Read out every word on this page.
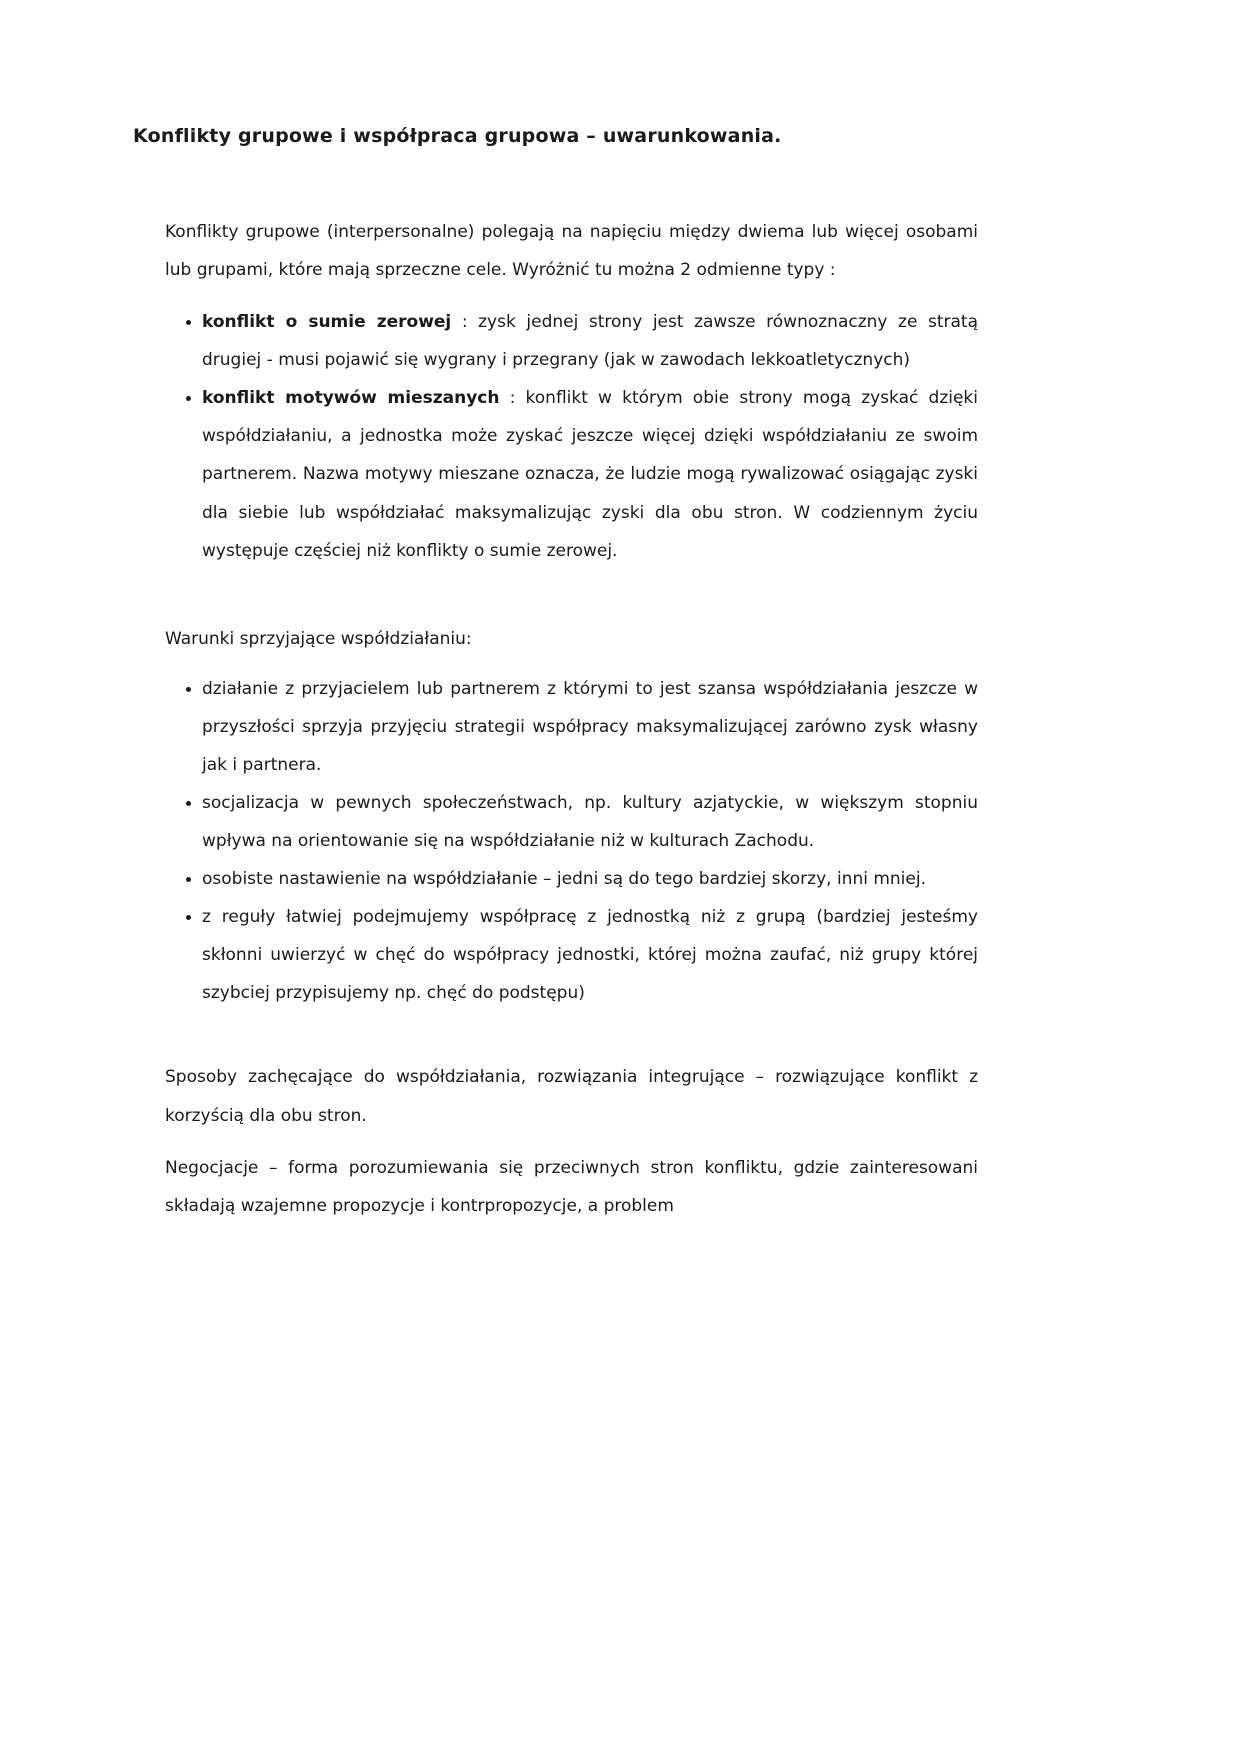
Konflikty grupowe i współpraca grupowa – uwarunkowania.

Konflikty grupowe (interpersonalne) polegają na napięciu między dwiema lub więcej osobami lub grupami, które mają sprzeczne cele. Wyróżnić tu można 2 odmienne typy :

• konflikt o sumie zerowej : zysk jednej strony jest zawsze równoznaczny ze stratą drugiej - musi pojawić się wygrany i przegrany (jak w zawodach lekkoatletycznych)
• konflikt motywów mieszanych : konflikt w którym obie strony mogą zyskać dzięki współdziałaniu, a jednostka może zyskać jeszcze więcej dzięki współdziałaniu ze swoim partnerem. Nazwa motywy mieszane oznacza, że ludzie mogą rywalizować osiągając zyski dla siebie lub współdziałać maksymalizując zyski dla obu stron. W codziennym życiu występuje częściej niż konflikty o sumie zerowej.

Warunki sprzyjające współdziałaniu:

• działanie z przyjacielem lub partnerem z którymi to jest szansa współdziałania jeszcze w przyszłości sprzyja przyjęciu strategii współpracy maksymalizującej zarówno zysk własny jak i partnera.
• socjalizacja w pewnych społeczeństwach, np. kultury azjatyckie, w większym stopniu wpływa na orientowanie się na współdziałanie niż w kulturach Zachodu.
• osobiste nastawienie na współdziałanie – jedni są do tego bardziej skorzy, inni mniej.
• z reguły łatwiej podejmujemy współpracę z jednostką niż z grupą (bardziej jesteśmy skłonni uwierzyć w chęć do współpracy jednostki, której można zaufać, niż grupy której szybciej przypisujemy np. chęć do podstępu)

Sposoby zachęcające do współdziałania, rozwiązania integrujące – rozwiązujące konflikt z korzyścią dla obu stron.

Negocjacje – forma porozumiewania się przeciwnych stron konfliktu, gdzie zainteresowani składają wzajemne propozycje i kontrpropozycje, a problem
